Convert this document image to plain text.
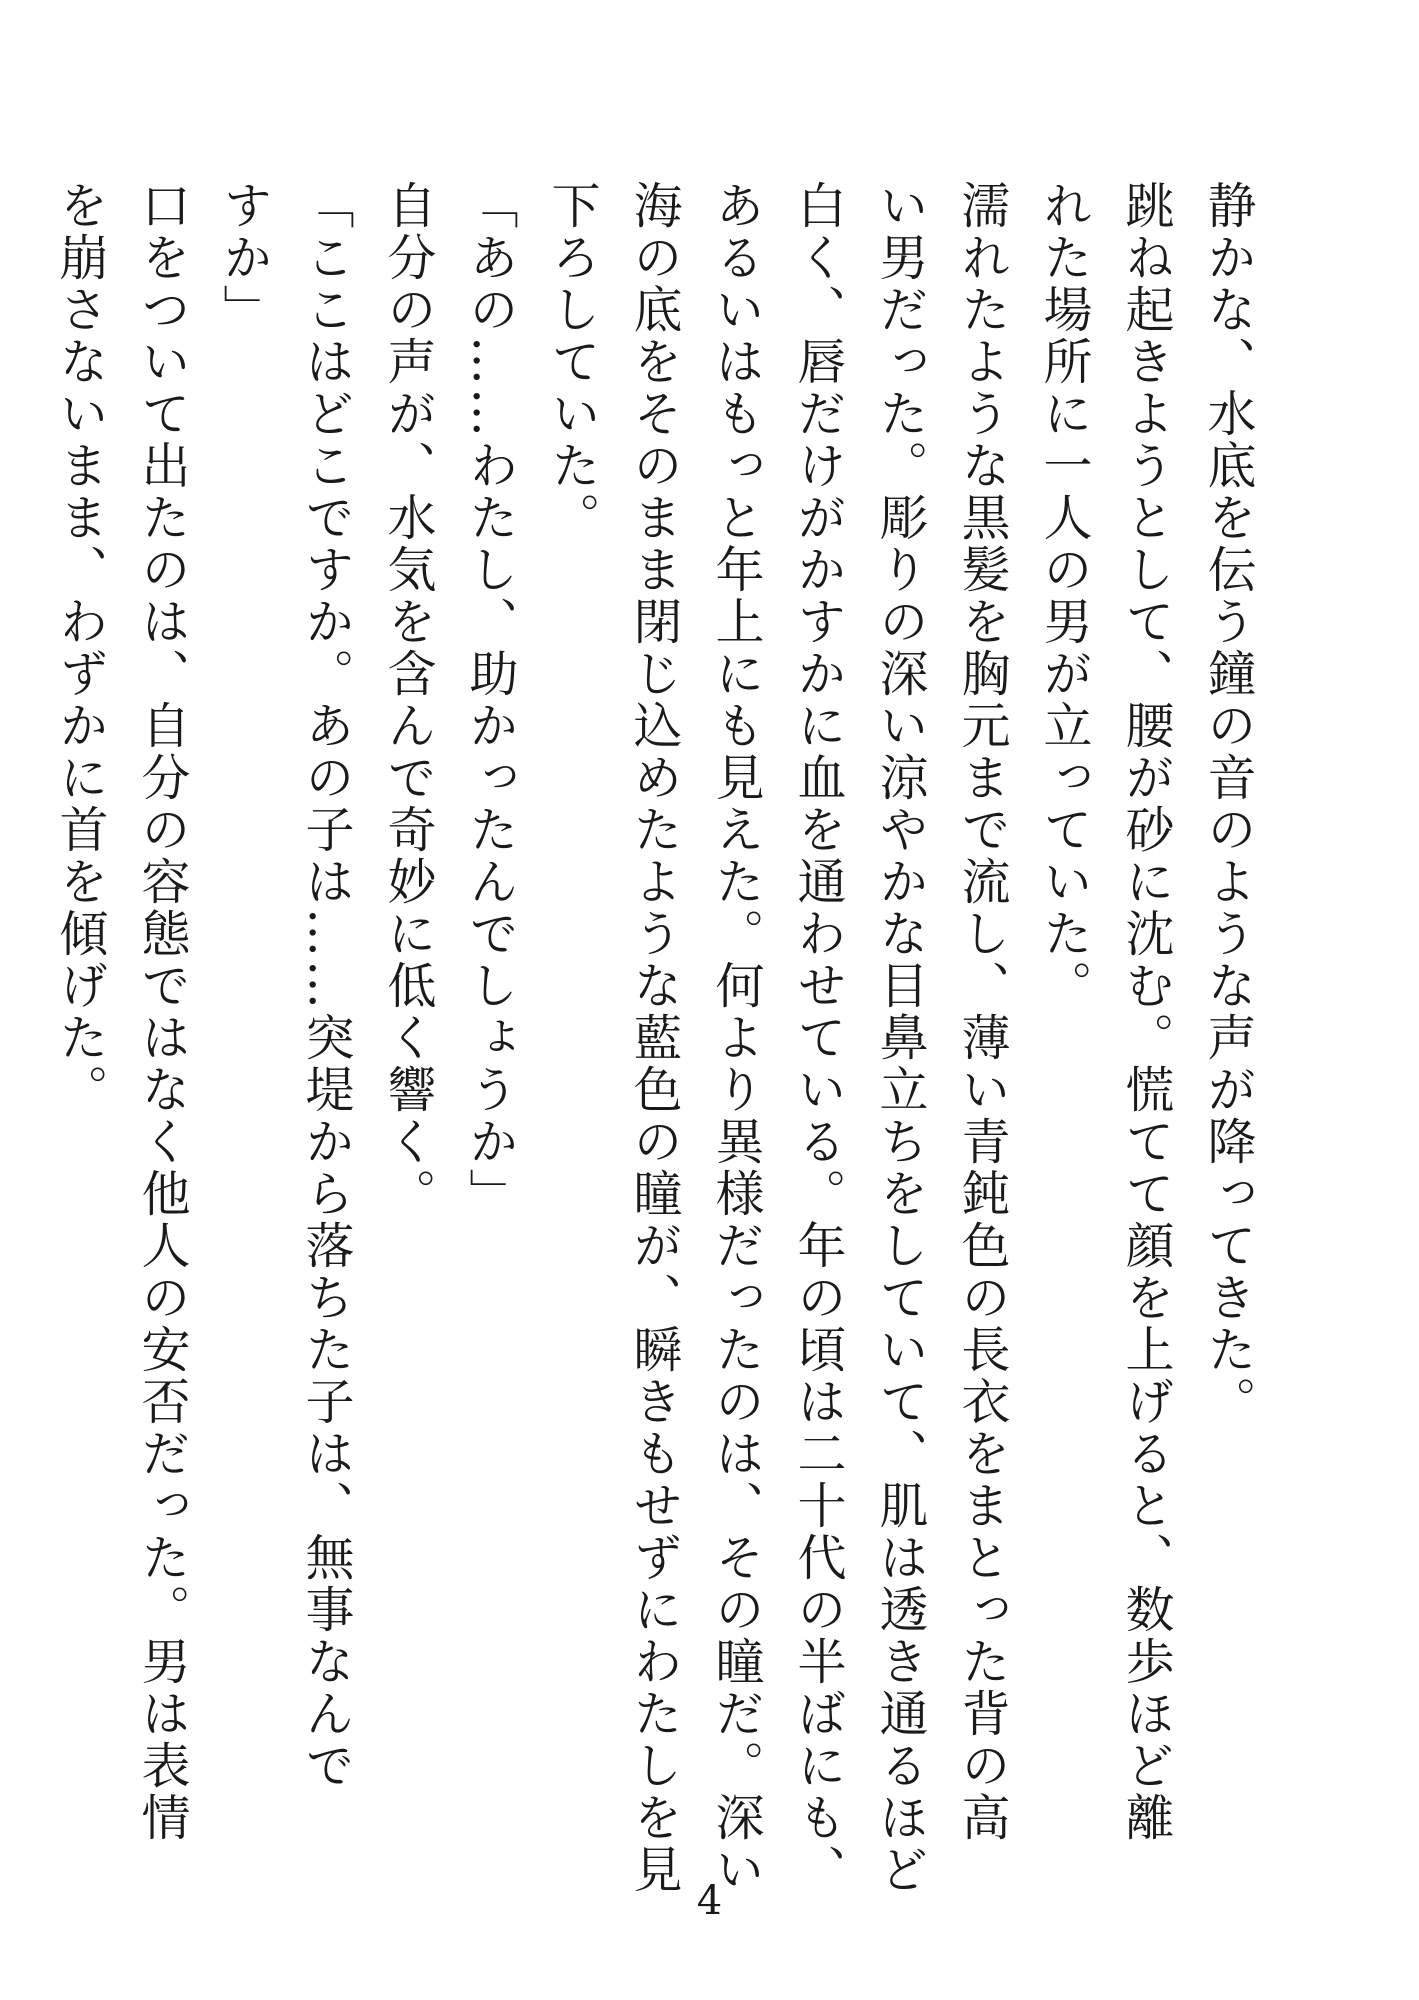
静かな、水底を伝う鐘の音のような声が降ってきた。
跳ね起きようとして、腰が砂に沈む。慌てて顔を上げると、数歩ほど離
れた場所に一人の男が立っていた。
濡れたような黒髪を胸元まで流し、薄い青鈍色の長衣をまとった背の高
い男だった。彫りの深い涼やかな目鼻立ちをしていて、肌は透き通るほど
白く、唇だけがかすかに血を通わせている。年の頃は二十代の半ばにも、
あるいはもっと年上にも見えた。何より異様だったのは、その瞳だ。深い
海の底をそのまま閉じ込めたような藍色の瞳が、瞬きもせずにわたしを見
下ろしていた。
「あの……わたし、助かったんでしょうか」
自分の声が、水気を含んで奇妙に低く響く。
「ここはどこですか。あの子は……突堤から落ちた子は、無事なんで
すか」
口をついて出たのは、自分の容態ではなく他人の安否だった。男は表情
を崩さないまま、わずかに首を傾げた。
4
